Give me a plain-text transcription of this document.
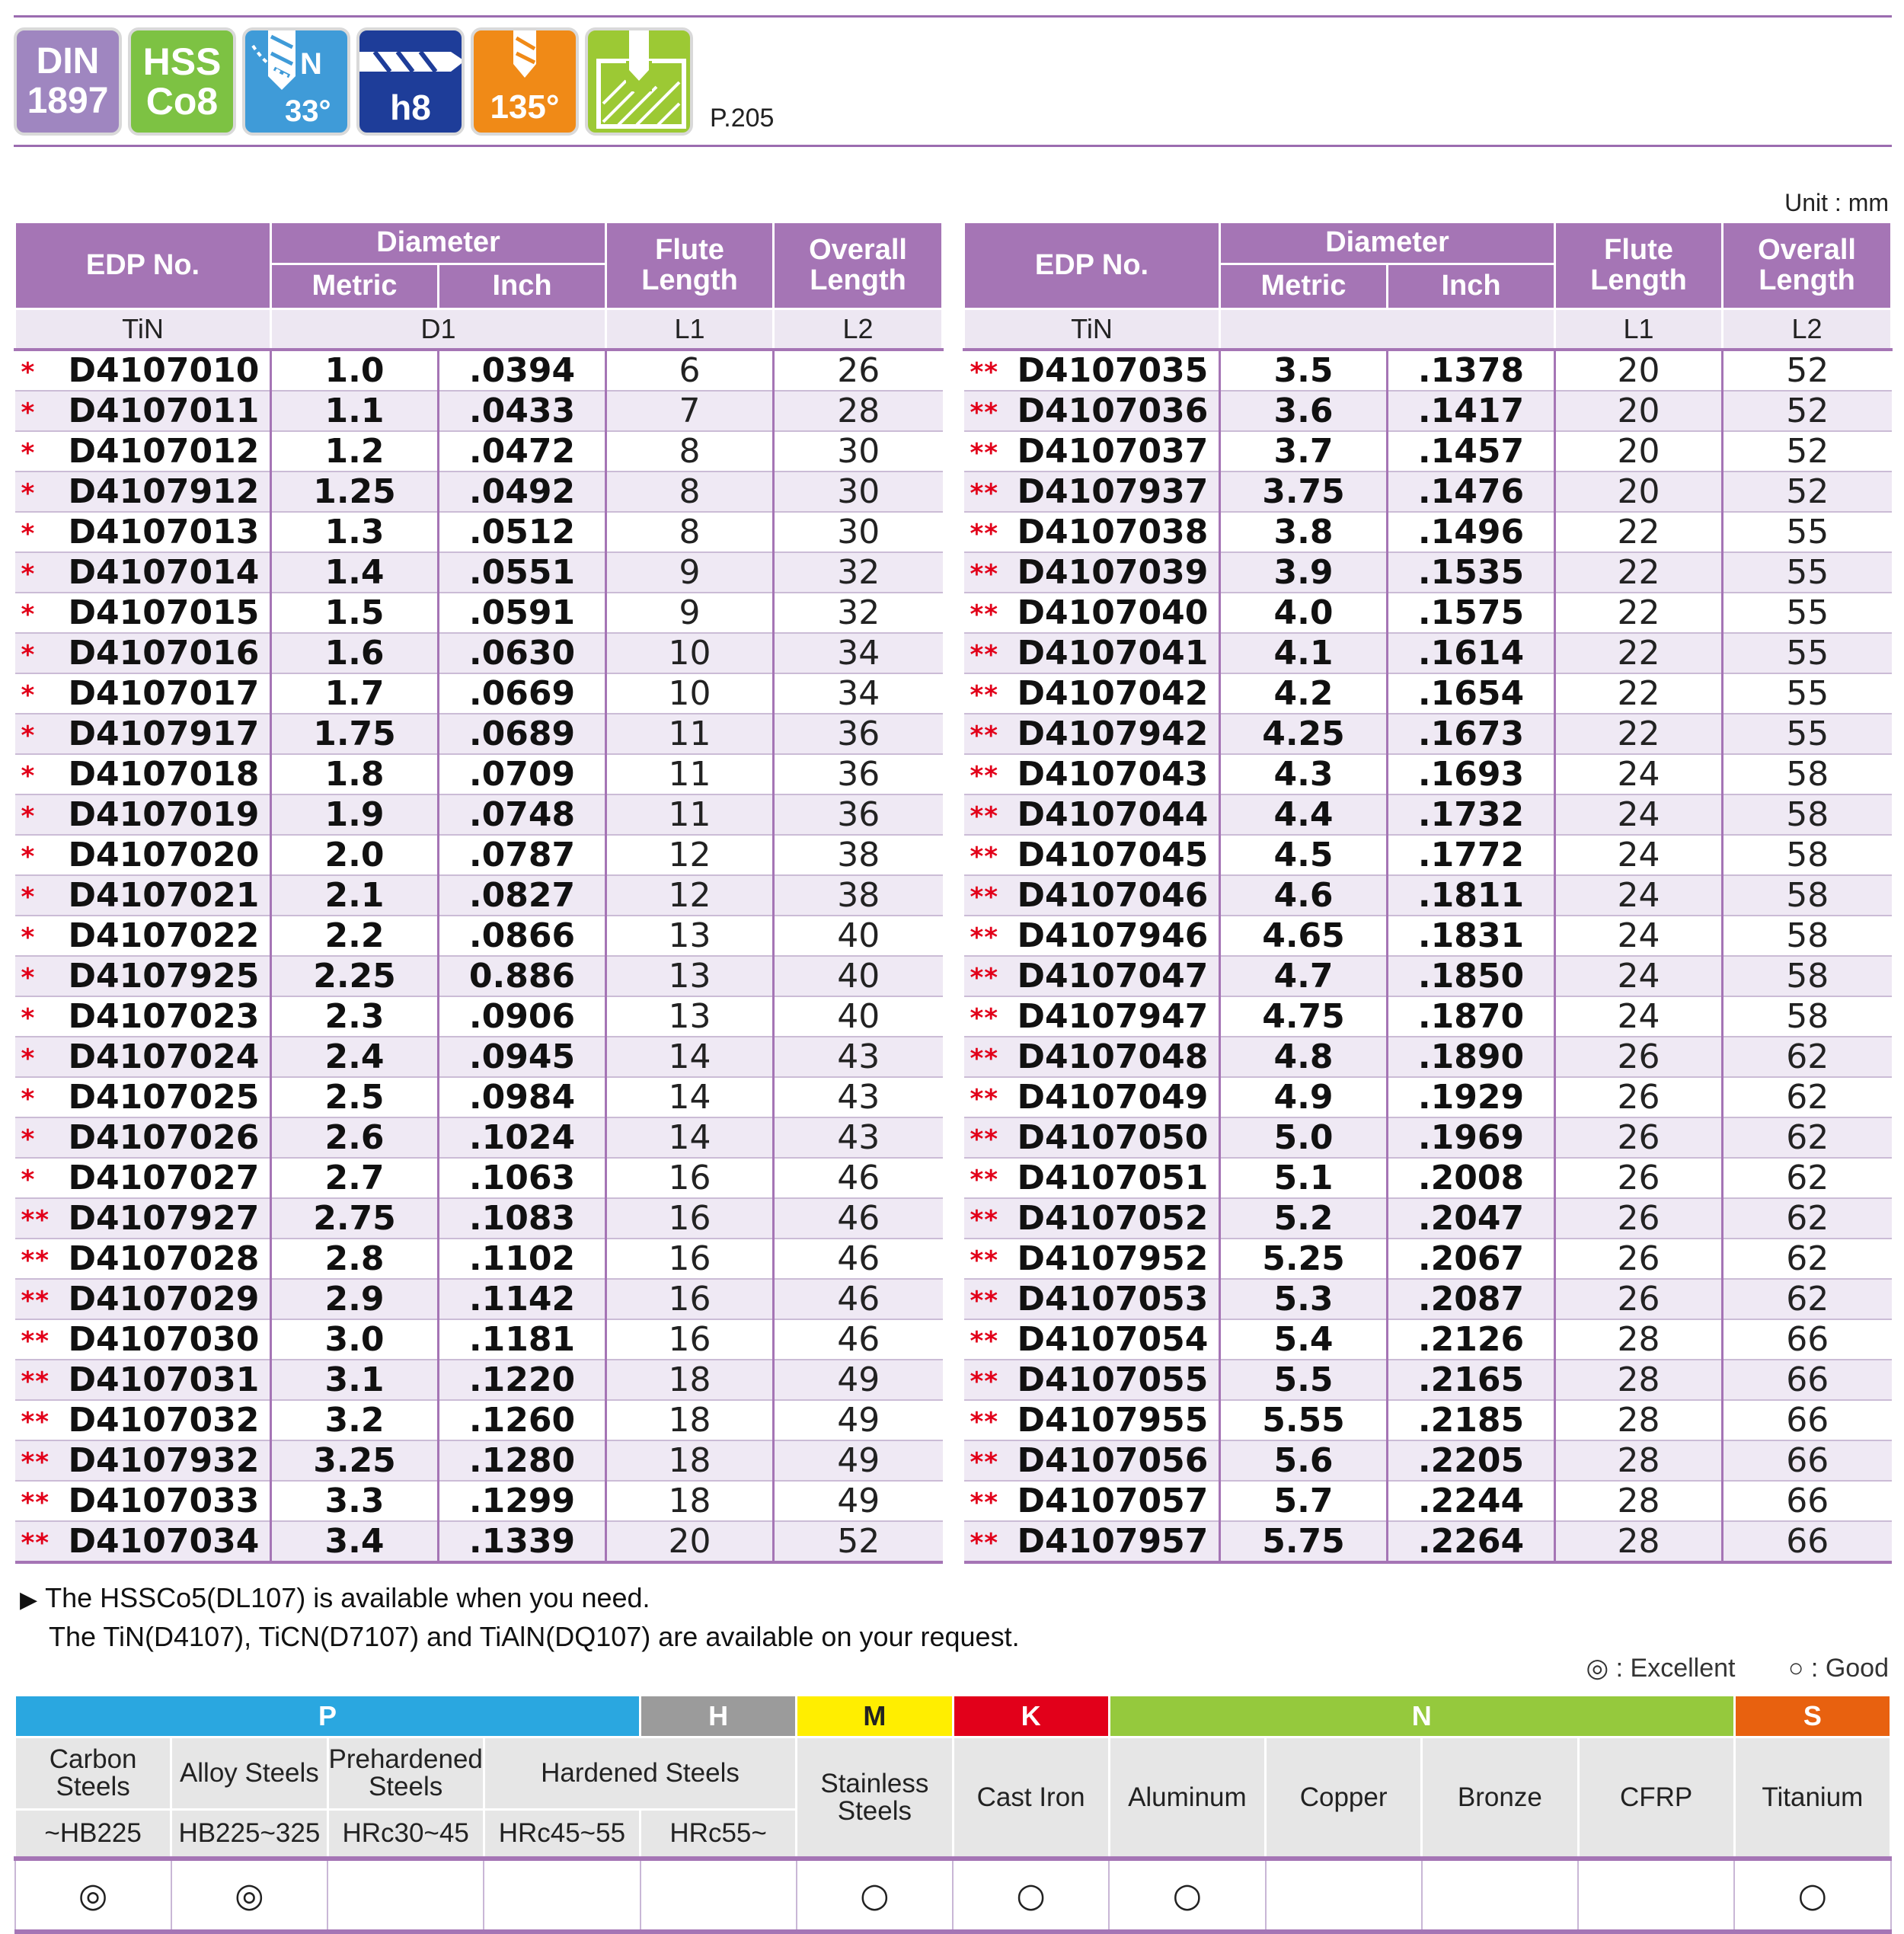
DIN
1897
HSS
Co8
N
33°	h8	135°	P.205
Unit : mm
EDP No.	Diameter		Flute Length	Overall Length
	Metric	Inch		
TiN	D1		L1	L2
* D4107010	1.0	.0394	6	26
* D4107011	1.1	.0433	7	28
* D4107012	1.2	.0472	8	30
* D4107912	1.25	.0492	8	30
* D4107013	1.3	.0512	8	30
* D4107014	1.4	.0551	9	32
* D4107015	1.5	.0591	9	32
* D4107016	1.6	.0630	10	34
* D4107017	1.7	.0669	10	34
* D4107917	1.75	.0689	11	36
* D4107018	1.8	.0709	11	36
* D4107019	1.9	.0748	11	36
* D4107020	2.0	.0787	12	38
* D4107021	2.1	.0827	12	38
* D4107022	2.2	.0866	13	40
* D4107925	2.25	0.886	13	40
* D4107023	2.3	.0906	13	40
* D4107024	2.4	.0945	14	43
* D4107025	2.5	.0984	14	43
* D4107026	2.6	.1024	14	43
* D4107027	2.7	.1063	16	46
** D4107927	2.75	.1083	16	46
** D4107028	2.8	.1102	16	46
** D4107029	2.9	.1142	16	46
** D4107030	3.0	.1181	16	46
** D4107031	3.1	.1220	18	49
** D4107032	3.2	.1260	18	49
** D4107932	3.25	.1280	18	49
** D4107033	3.3	.1299	18	49
** D4107034	3.4	.1339	20	52
EDP No.	Diameter		Flute Length	Overall Length
	Metric	Inch		
TiN			L1	L2
** D4107035	3.5	.1378	20	52
** D4107036	3.6	.1417	20	52
** D4107037	3.7	.1457	20	52
** D4107937	3.75	.1476	20	52
** D4107038	3.8	.1496	22	55
** D4107039	3.9	.1535	22	55
** D4107040	4.0	.1575	22	55
** D4107041	4.1	.1614	22	55
** D4107042	4.2	.1654	22	55
** D4107942	4.25	.1673	22	55
** D4107043	4.3	.1693	24	58
** D4107044	4.4	.1732	24	58
** D4107045	4.5	.1772	24	58
** D4107046	4.6	.1811	24	58
** D4107946	4.65	.1831	24	58
** D4107047	4.7	.1850	24	58
** D4107947	4.75	.1870	24	58
** D4107048	4.8	.1890	26	62
** D4107049	4.9	.1929	26	62
** D4107050	5.0	.1969	26	62
** D4107051	5.1	.2008	26	62
** D4107052	5.2	.2047	26	62
** D4107952	5.25	.2067	26	62
** D4107053	5.3	.2087	26	62
** D4107054	5.4	.2126	28	66
** D4107055	5.5	.2165	28	66
** D4107955	5.55	.2185	28	66
** D4107056	5.6	.2205	28	66
** D4107057	5.7	.2244	28	66
** D4107957	5.75	.2264	28	66
▶ The HSSCo5(DL107) is available when you need.
The TiN(D4107), TiCN(D7107) and TiAlN(DQ107) are available on your request.
◎ : Excellent ○ : Good
P				H	M	K	N				S
Carbon Steels	Alloy Steels	Prehardened Steels	Hardened Steels		Stainless Steels	Cast Iron	Aluminum	Copper	Bronze	CFRP	Titanium
~HB225	HB225~325	HRc30~45	HRc45~55	HRc55~							
◎	◎				○	○	○				○
